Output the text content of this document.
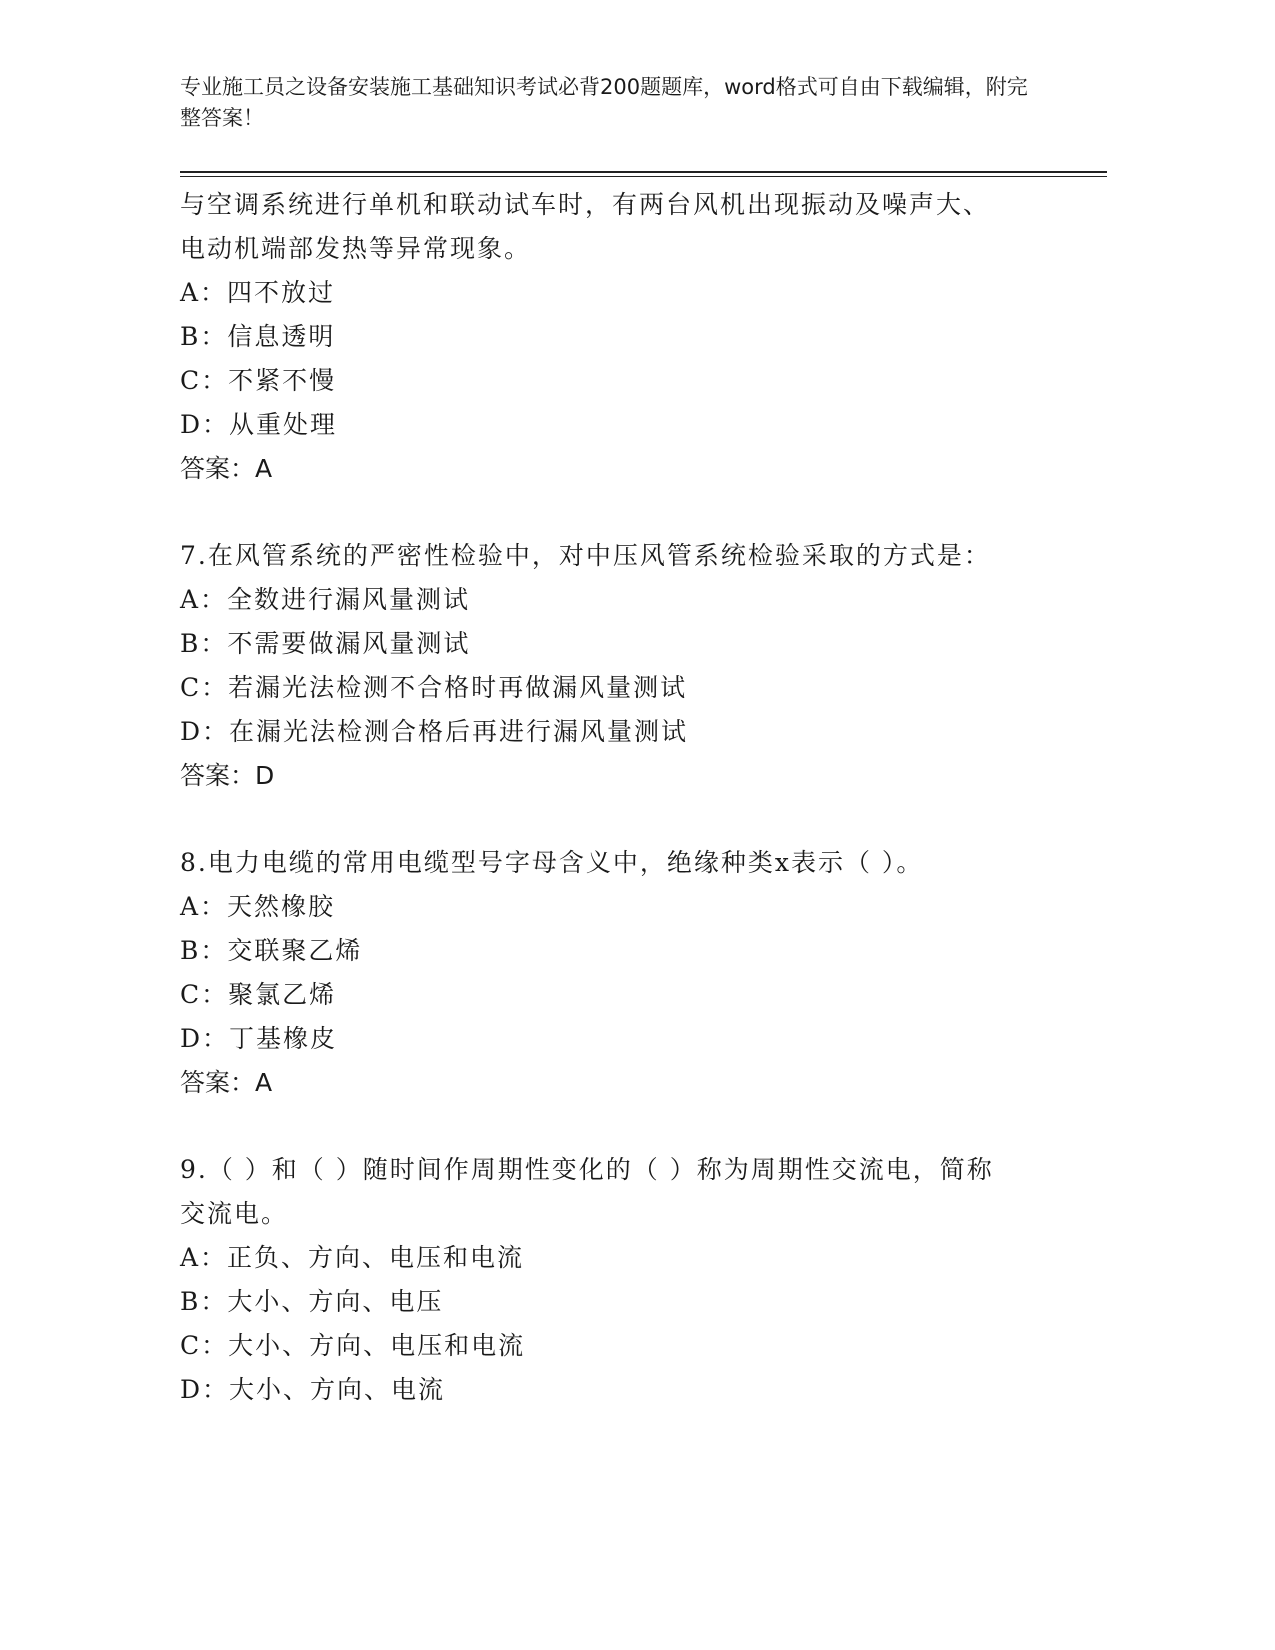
专业施工员之设备安装施工基础知识考试必背200题题库，word格式可自由下载编辑，附完整答案！
与空调系统进行单机和联动试车时，有两台风机出现振动及噪声大、
电动机端部发热等异常现象。
A：四不放过
B：信息透明
C：不紧不慢
D：从重处理
答案：A
7.在风管系统的严密性检验中，对中压风管系统检验采取的方式是：
A：全数进行漏风量测试
B：不需要做漏风量测试
C：若漏光法检测不合格时再做漏风量测试
D：在漏光法检测合格后再进行漏风量测试
答案：D
8.电力电缆的常用电缆型号字母含义中，绝缘种类x表示（ ）。
A：天然橡胶
B：交联聚乙烯
C：聚氯乙烯
D：丁基橡皮
答案：A
9.（ ）和（ ）随时间作周期性变化的（ ）称为周期性交流电，简称
交流电。
A：正负、方向、电压和电流
B：大小、方向、电压
C：大小、方向、电压和电流
D：大小、方向、电流
